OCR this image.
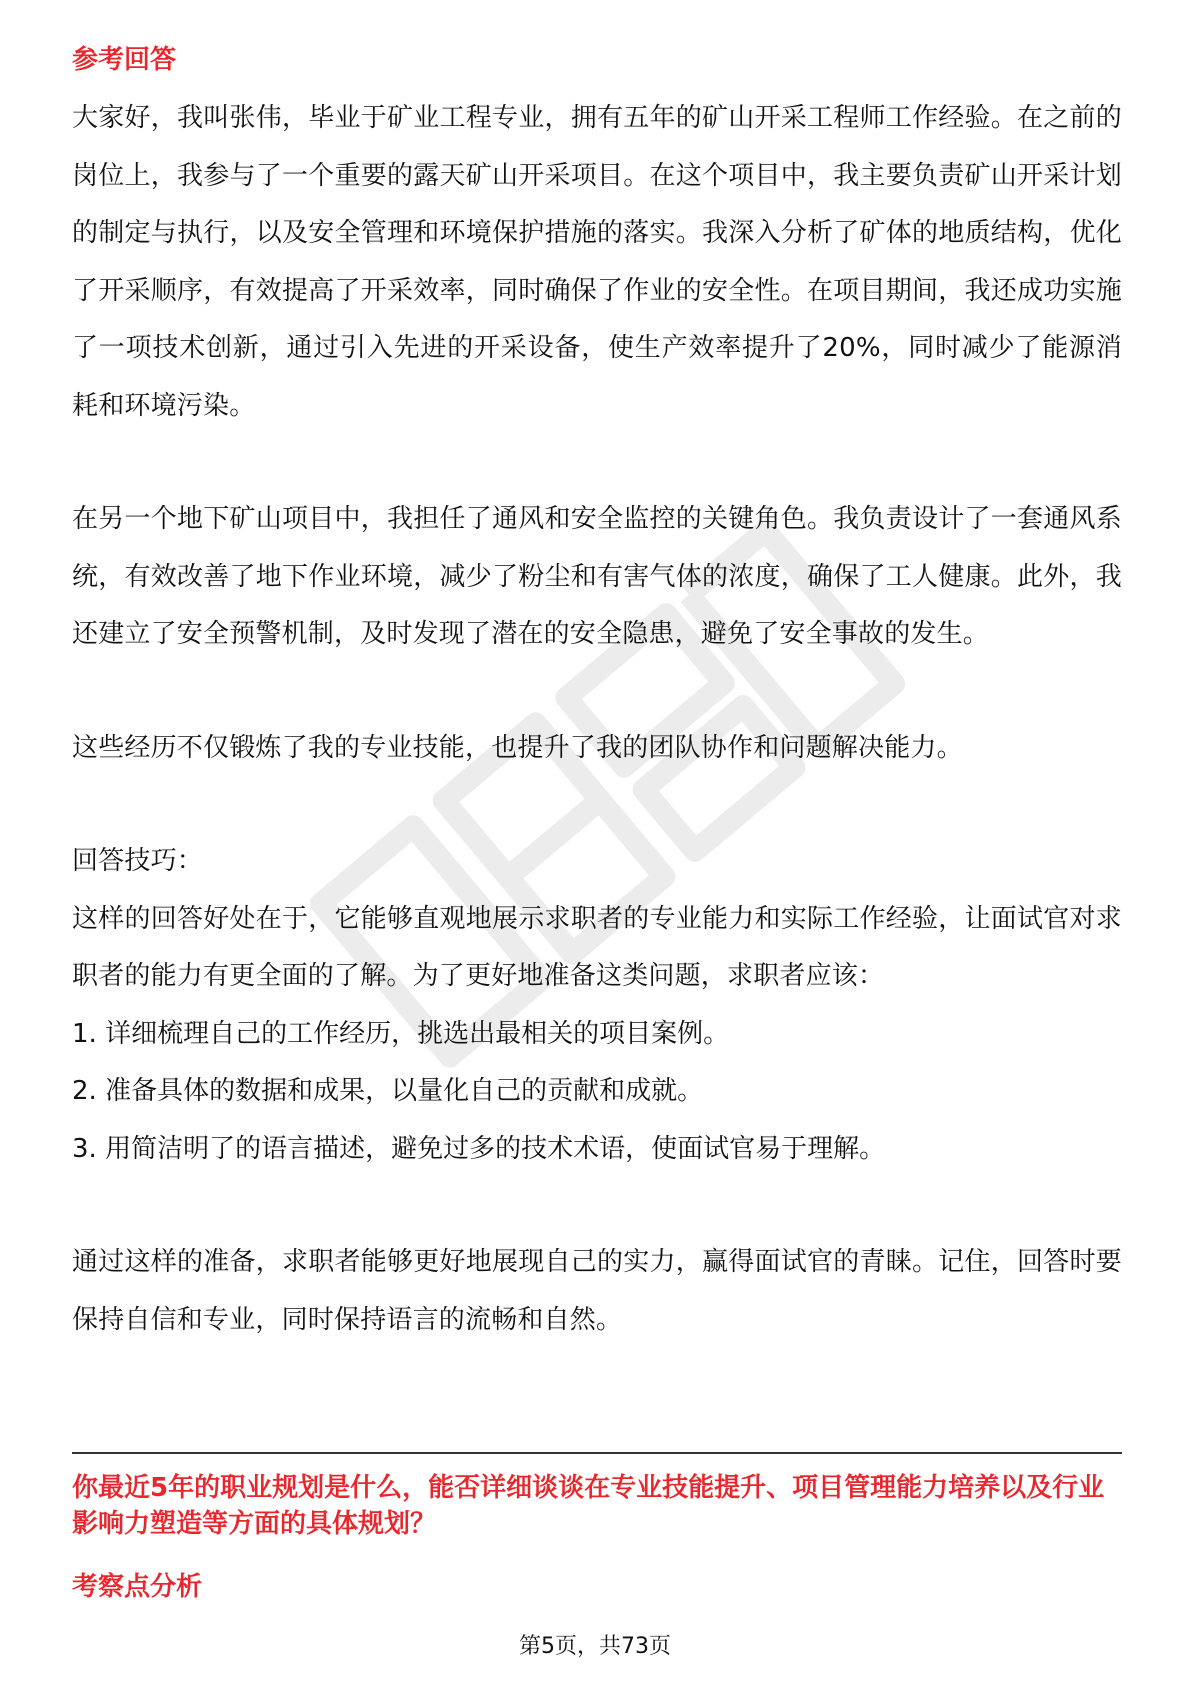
参考回答

大家好，我叫张伟，毕业于矿业工程专业，拥有五年的矿山开采工程师工作经验。在之前的岗位上，我参与了一个重要的露天矿山开采项目。在这个项目中，我主要负责矿山开采计划的制定与执行，以及安全管理和环境保护措施的落实。我深入分析了矿体的地质结构，优化了开采顺序，有效提高了开采效率，同时确保了作业的安全性。在项目期间，我还成功实施了一项技术创新，通过引入先进的开采设备，使生产效率提升了20%，同时减少了能源消耗和环境污染。

在另一个地下矿山项目中，我担任了通风和安全监控的关键角色。我负责设计了一套通风系统，有效改善了地下作业环境，减少了粉尘和有害气体的浓度，确保了工人健康。此外，我还建立了安全预警机制，及时发现了潜在的安全隐患，避免了安全事故的发生。

这些经历不仅锻炼了我的专业技能，也提升了我的团队协作和问题解决能力。

回答技巧：

这样的回答好处在于，它能够直观地展示求职者的专业能力和实际工作经验，让面试官对求职者的能力有更全面的了解。为了更好地准备这类问题，求职者应该：

1. 详细梳理自己的工作经历，挑选出最相关的项目案例。

2. 准备具体的数据和成果，以量化自己的贡献和成就。

3. 用简洁明了的语言描述，避免过多的技术术语，使面试官易于理解。

通过这样的准备，求职者能够更好地展现自己的实力，赢得面试官的青睐。记住，回答时要保持自信和专业，同时保持语言的流畅和自然。

你最近5年的职业规划是什么，能否详细谈谈在专业技能提升、项目管理能力培养以及行业影响力塑造等方面的具体规划？

考察点分析

第5页，共73页
